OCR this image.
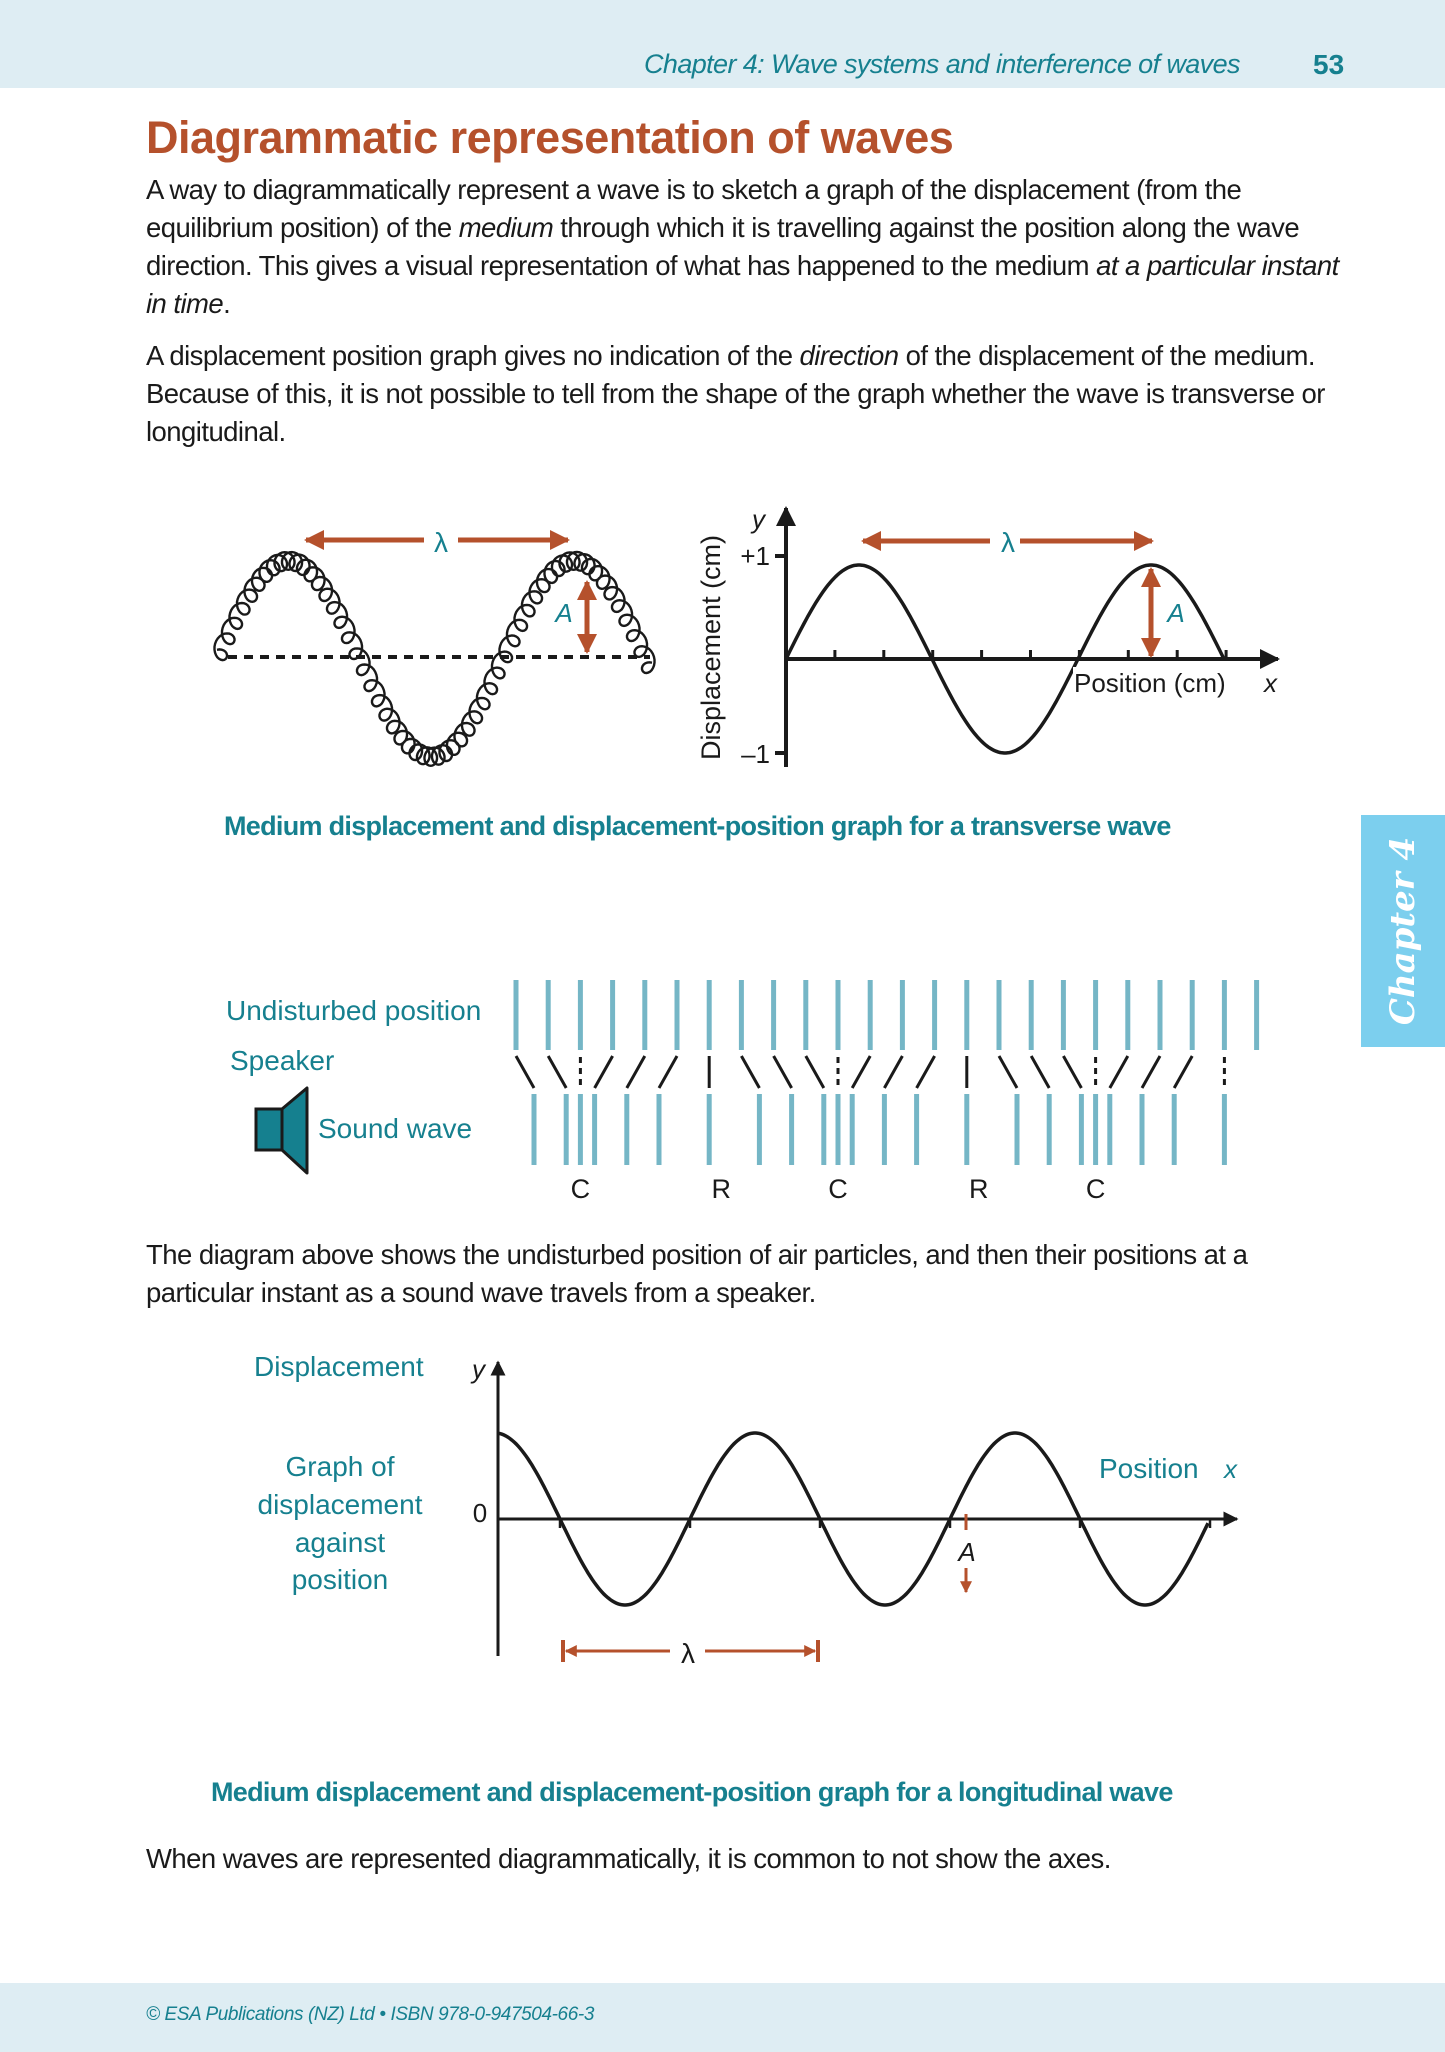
Chapter 4: Wave systems and interference of waves	53
Diagrammatic representation of waves

A way to diagrammatically represent a wave is to sketch a graph of the displacement (from the equilibrium position) of the medium through which it is travelling against the position along the wave direction. This gives a visual representation of what has happened to the medium at a particular instant in time.

A displacement position graph gives no indication of the direction of the displacement of the medium. Because of this, it is not possible to tell from the shape of the graph whether the wave is transverse or longitudinal.

λ
A	Displacement (cm)
y
+1
–1
Position (cm) x
λ
A
Undisturbed position
Speaker
Sound wave
C	R	C	R	C
Displacement y
Graph of
displacement
against
position
0
Position x
A
λ
Medium displacement and displacement-position graph for a transverse wave
Chapter 4

The diagram above shows the undisturbed position of air particles, and then their positions at a particular instant as a sound wave travels from a speaker.

Medium displacement and displacement-position graph for a longitudinal wave

When waves are represented diagrammatically, it is common to not show the axes.

© ESA Publications (NZ) Ltd • ISBN 978-0-947504-66-3
